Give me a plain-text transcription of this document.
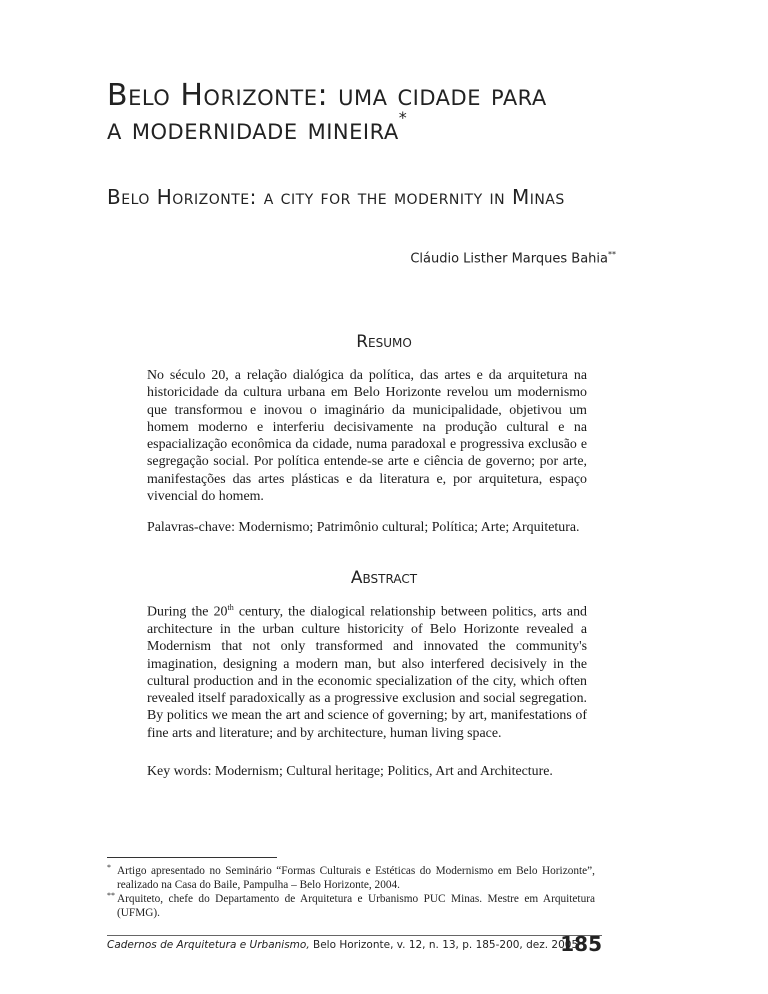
Belo Horizonte: uma cidade para
a modernidade mineira*
Belo Horizonte: a city for the modernity in Minas
Cláudio Listher Marques Bahia**
Resumo
No século 20, a relação dialógica da política, das artes e da arquitetura na historicidade da cultura urbana em Belo Horizonte revelou um modernismo que transformou e inovou o imaginário da municipalidade, objetivou um homem moderno e interferiu decisivamente na produção cultural e na espacialização econômica da cidade, numa paradoxal e progressiva exclusão e segregação social. Por política entende-se arte e ciência de governo; por arte, manifestações das artes plásticas e da literatura e, por arquitetura, espaço vivencial do homem.
Palavras-chave: Modernismo; Patrimônio cultural; Política; Arte; Arquitetura.
Abstract
During the 20th century, the dialogical relationship between politics, arts and architecture in the urban culture historicity of Belo Horizonte revealed a Modernism that not only transformed and innovated the community's imagination, designing a modern man, but also interfered decisively in the cultural production and in the economic specialization of the city, which often revealed itself paradoxically as a progressive exclusion and social segregation. By politics we mean the art and science of governing; by art, manifestations of fine arts and literature; and by architecture, human living space.
Key words: Modernism; Cultural heritage; Politics, Art and Architecture.
* Artigo apresentado no Seminário “Formas Culturais e Estéticas do Modernismo em Belo Horizonte”, realizado na Casa do Baile, Pampulha – Belo Horizonte, 2004.
** Arquiteto, chefe do Departamento de Arquitetura e Urbanismo PUC Minas. Mestre em Arquitetura (UFMG).
Cadernos de Arquitetura e Urbanismo, Belo Horizonte, v. 12, n. 13, p. 185-200, dez. 2005
185
